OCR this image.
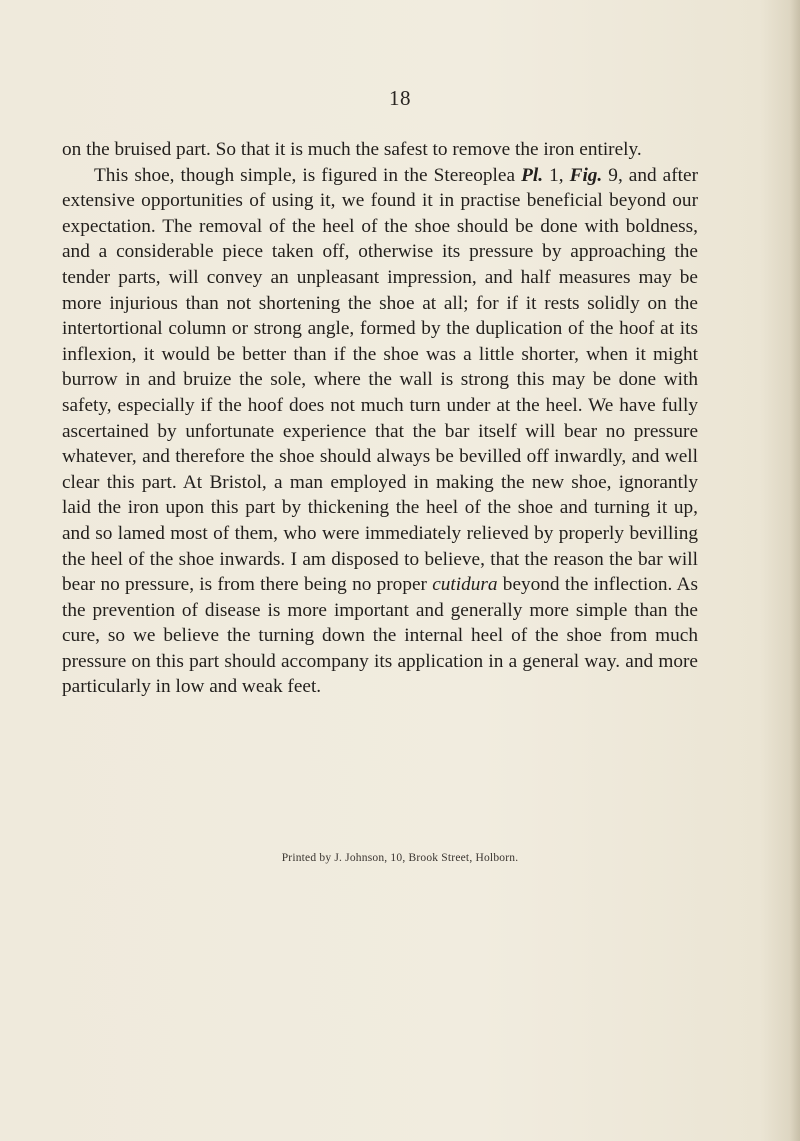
18

on the bruised part. So that it is much the safest to remove the iron entirely.

This shoe, though simple, is figured in the Stereoplea Pl. 1, Fig. 9, and after extensive opportunities of using it, we found it in practise beneficial beyond our expectation. The removal of the heel of the shoe should be done with boldness, and a considerable piece taken off, otherwise its pressure by approaching the tender parts, will convey an unpleasant impression, and half measures may be more injurious than not shortening the shoe at all; for if it rests solidly on the intertortional column or strong angle, formed by the duplication of the hoof at its inflexion, it would be better than if the shoe was a little shorter, when it might burrow in and bruize the sole, where the wall is strong this may be done with safety, especially if the hoof does not much turn under at the heel. We have fully ascertained by unfortunate experience that the bar itself will bear no pressure whatever, and therefore the shoe should always be bevilled off inwardly, and well clear this part. At Bristol, a man employed in making the new shoe, ignorantly laid the iron upon this part by thickening the heel of the shoe and turning it up, and so lamed most of them, who were immediately relieved by properly bevilling the heel of the shoe inwards. I am disposed to believe, that the reason the bar will bear no pressure, is from there being no proper cutidura beyond the inflection. As the prevention of disease is more important and generally more simple than the cure, so we believe the turning down the internal heel of the shoe from much pressure on this part should accompany its application in a general way. and more particularly in low and weak feet.

Printed by J. Johnson, 10, Brook Street, Holborn.
